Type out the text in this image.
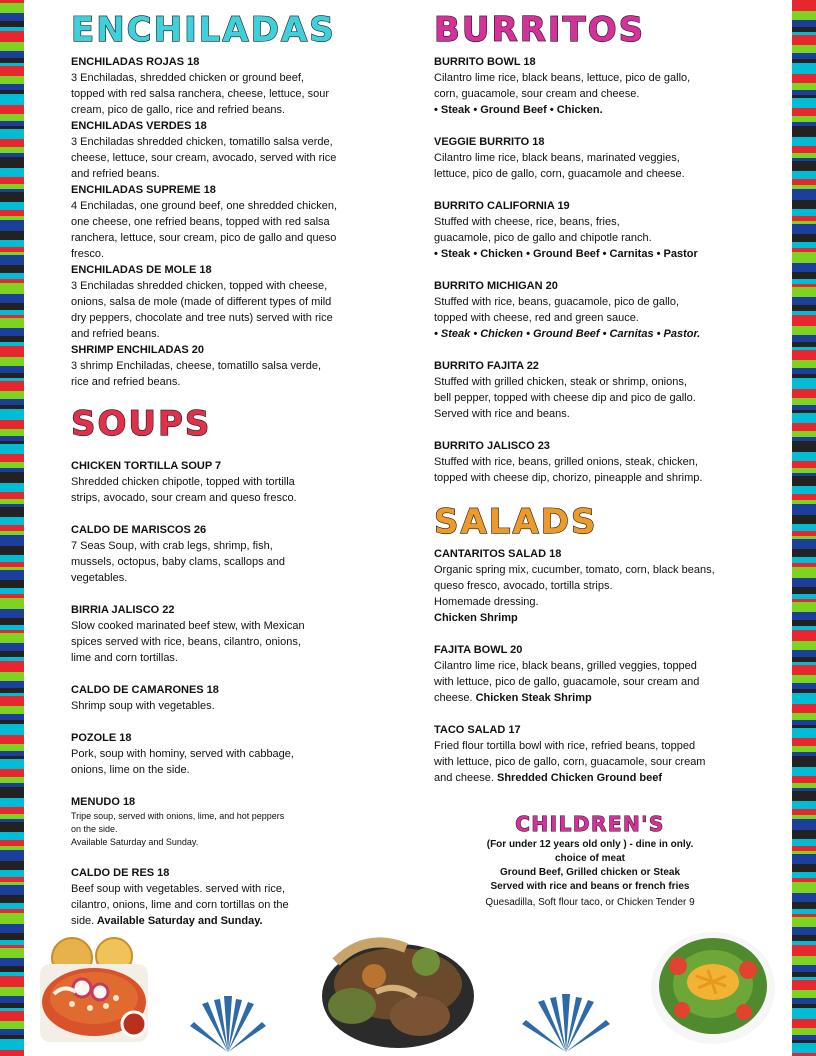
ENCHILADAS
ENCHILADAS ROJAS 18
3 Enchiladas, shredded chicken or ground beef,
topped with red salsa ranchera, cheese, lettuce, sour
cream, pico de gallo, rice and refried beans.
ENCHILADAS VERDES 18
3 Enchiladas shredded chicken, tomatillo salsa verde,
cheese, lettuce, sour cream, avocado, served with rice
and refried beans.
ENCHILADAS SUPREME 18
4 Enchiladas, one ground beef, one shredded chicken,
one cheese, one refried beans, topped with red salsa
ranchera, lettuce, sour cream, pico de gallo and queso
fresco.
ENCHILADAS DE MOLE 18
3 Enchiladas shredded chicken, topped with cheese,
onions, salsa de mole (made of different types of mild
dry peppers, chocolate and tree nuts) served with rice
and refried beans.
SHRIMP ENCHILADAS 20
3 shrimp Enchiladas, cheese, tomatillo salsa verde,
rice and refried beans.
SOUPS
CHICKEN TORTILLA SOUP 7
Shredded chicken chipotle, topped with tortilla
strips, avocado, sour cream and queso fresco.
CALDO DE MARISCOS 26
7 Seas Soup, with crab legs, shrimp, fish,
mussels, octopus, baby clams, scallops and
vegetables.
BIRRIA JALISCO 22
Slow cooked marinated beef stew, with Mexican
spices served with rice, beans, cilantro, onions,
lime and corn tortillas.
CALDO DE CAMARONES 18
Shrimp soup with vegetables.
POZOLE 18
Pork, soup with hominy, served with cabbage,
onions, lime on the side.
MENUDO 18
Tripe soup, served with onions, lime, and hot peppers
on the side.
Available Saturday and Sunday.
CALDO DE RES 18
Beef soup with vegetables. served with rice,
cilantro, onions, lime and corn tortillas on the
side. Available Saturday and Sunday.
BURRITOS
BURRITO BOWL 18
Cilantro lime rice, black beans, lettuce, pico de gallo,
corn, guacamole, sour cream and cheese.
• Steak • Ground Beef • Chicken.
VEGGIE BURRITO 18
Cilantro lime rice, black beans, marinated veggies,
lettuce, pico de gallo, corn, guacamole and cheese.
BURRITO CALIFORNIA 19
Stuffed with cheese, rice, beans, fries,
guacamole, pico de gallo and chipotle ranch.
• Steak • Chicken • Ground Beef • Carnitas • Pastor
BURRITO MICHIGAN 20
Stuffed with rice, beans, guacamole, pico de gallo,
topped with cheese, red and green sauce.
• Steak • Chicken • Ground Beef • Carnitas • Pastor.
BURRITO FAJITA 22
Stuffed with grilled chicken, steak or shrimp, onions,
bell pepper, topped with cheese dip and pico de gallo.
Served with rice and beans.
BURRITO JALISCO 23
Stuffed with rice, beans, grilled onions, steak, chicken,
topped with cheese dip, chorizo, pineapple and shrimp.
SALADS
CANTARITOS SALAD 18
Organic spring mix, cucumber, tomato, corn, black beans,
queso fresco, avocado, tortilla strips.
Homemade dressing.
Chicken Shrimp
FAJITA BOWL 20
Cilantro lime rice, black beans, grilled veggies, topped
with lettuce, pico de gallo, guacamole, sour cream and
cheese. Chicken Steak Shrimp
TACO SALAD 17
Fried flour tortilla bowl with rice, refried beans, topped
with lettuce, pico de gallo, corn, guacamole, sour cream
and cheese. Shredded Chicken Ground beef
CHILDREN'S
(For under 12 years old only ) - dine in only.
choice of meat
Ground Beef, Grilled chicken or Steak
Served with rice and beans or french fries
Quesadilla, Soft flour taco, or Chicken Tender 9
